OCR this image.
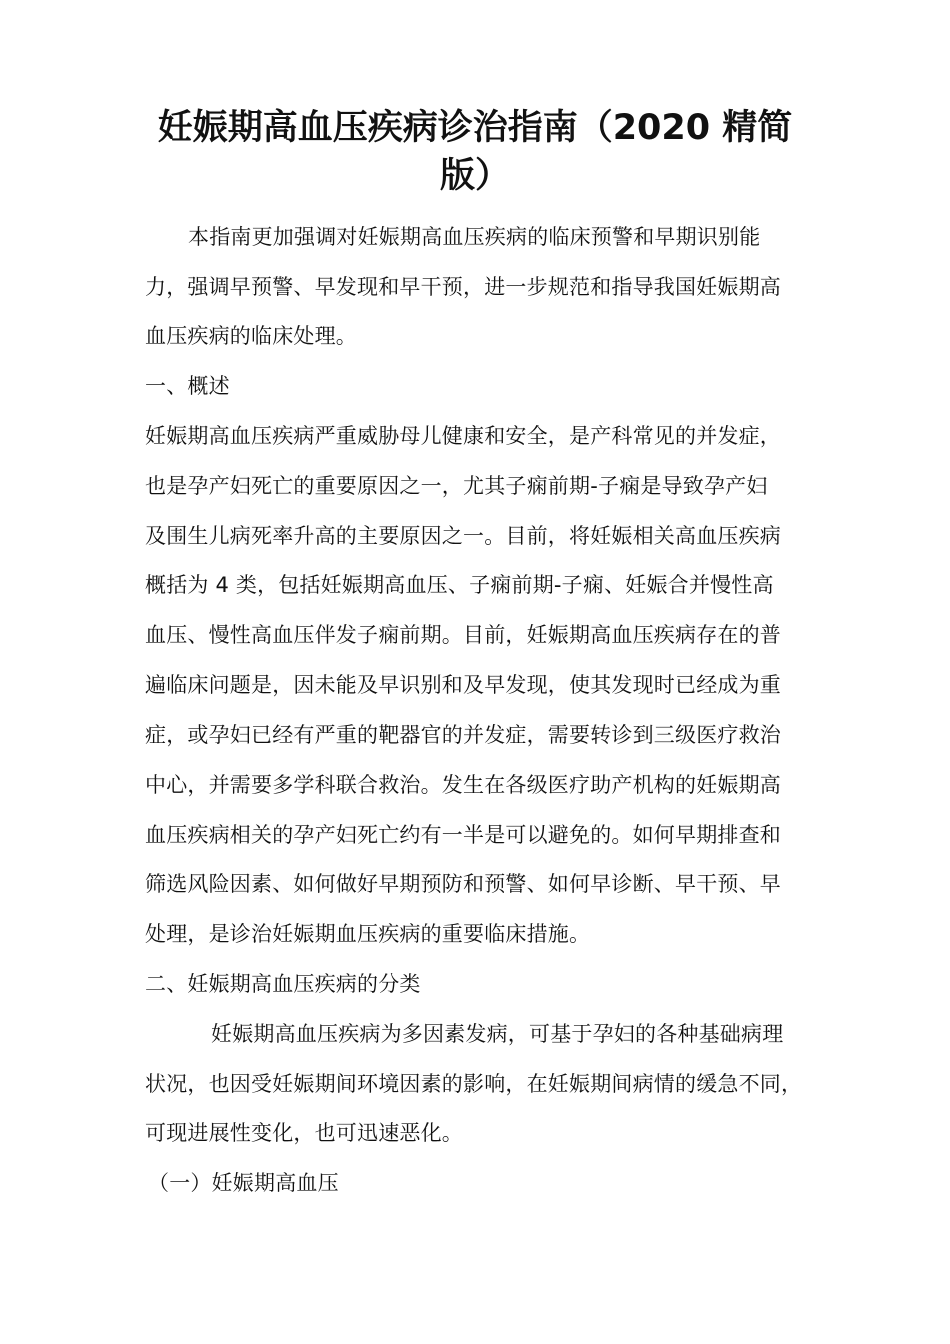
妊娠期高血压疾病诊治指南（2020 精简
版）

本指南更加强调对妊娠期高血压疾病的临床预警和早期识别能

力，强调早预警、早发现和早干预，进一步规范和指导我国妊娠期高

血压疾病的临床处理。

一、概述

妊娠期高血压疾病严重威胁母儿健康和安全，是产科常见的并发症，

也是孕产妇死亡的重要原因之一，尤其子痫前期-子痫是导致孕产妇

及围生儿病死率升高的主要原因之一。目前，将妊娠相关高血压疾病

概括为 4 类，包括妊娠期高血压、子痫前期-子痫、妊娠合并慢性高

血压、慢性高血压伴发子痫前期。目前，妊娠期高血压疾病存在的普

遍临床问题是，因未能及早识别和及早发现，使其发现时已经成为重

症，或孕妇已经有严重的靶器官的并发症，需要转诊到三级医疗救治

中心，并需要多学科联合救治。发生在各级医疗助产机构的妊娠期高

血压疾病相关的孕产妇死亡约有一半是可以避免的。如何早期排查和

筛选风险因素、如何做好早期预防和预警、如何早诊断、早干预、早

处理，是诊治妊娠期血压疾病的重要临床措施。

二、妊娠期高血压疾病的分类

妊娠期高血压疾病为多因素发病，可基于孕妇的各种基础病理

状况，也因受妊娠期间环境因素的影响，在妊娠期间病情的缓急不同，

可现进展性变化，也可迅速恶化。

（一）妊娠期高血压
